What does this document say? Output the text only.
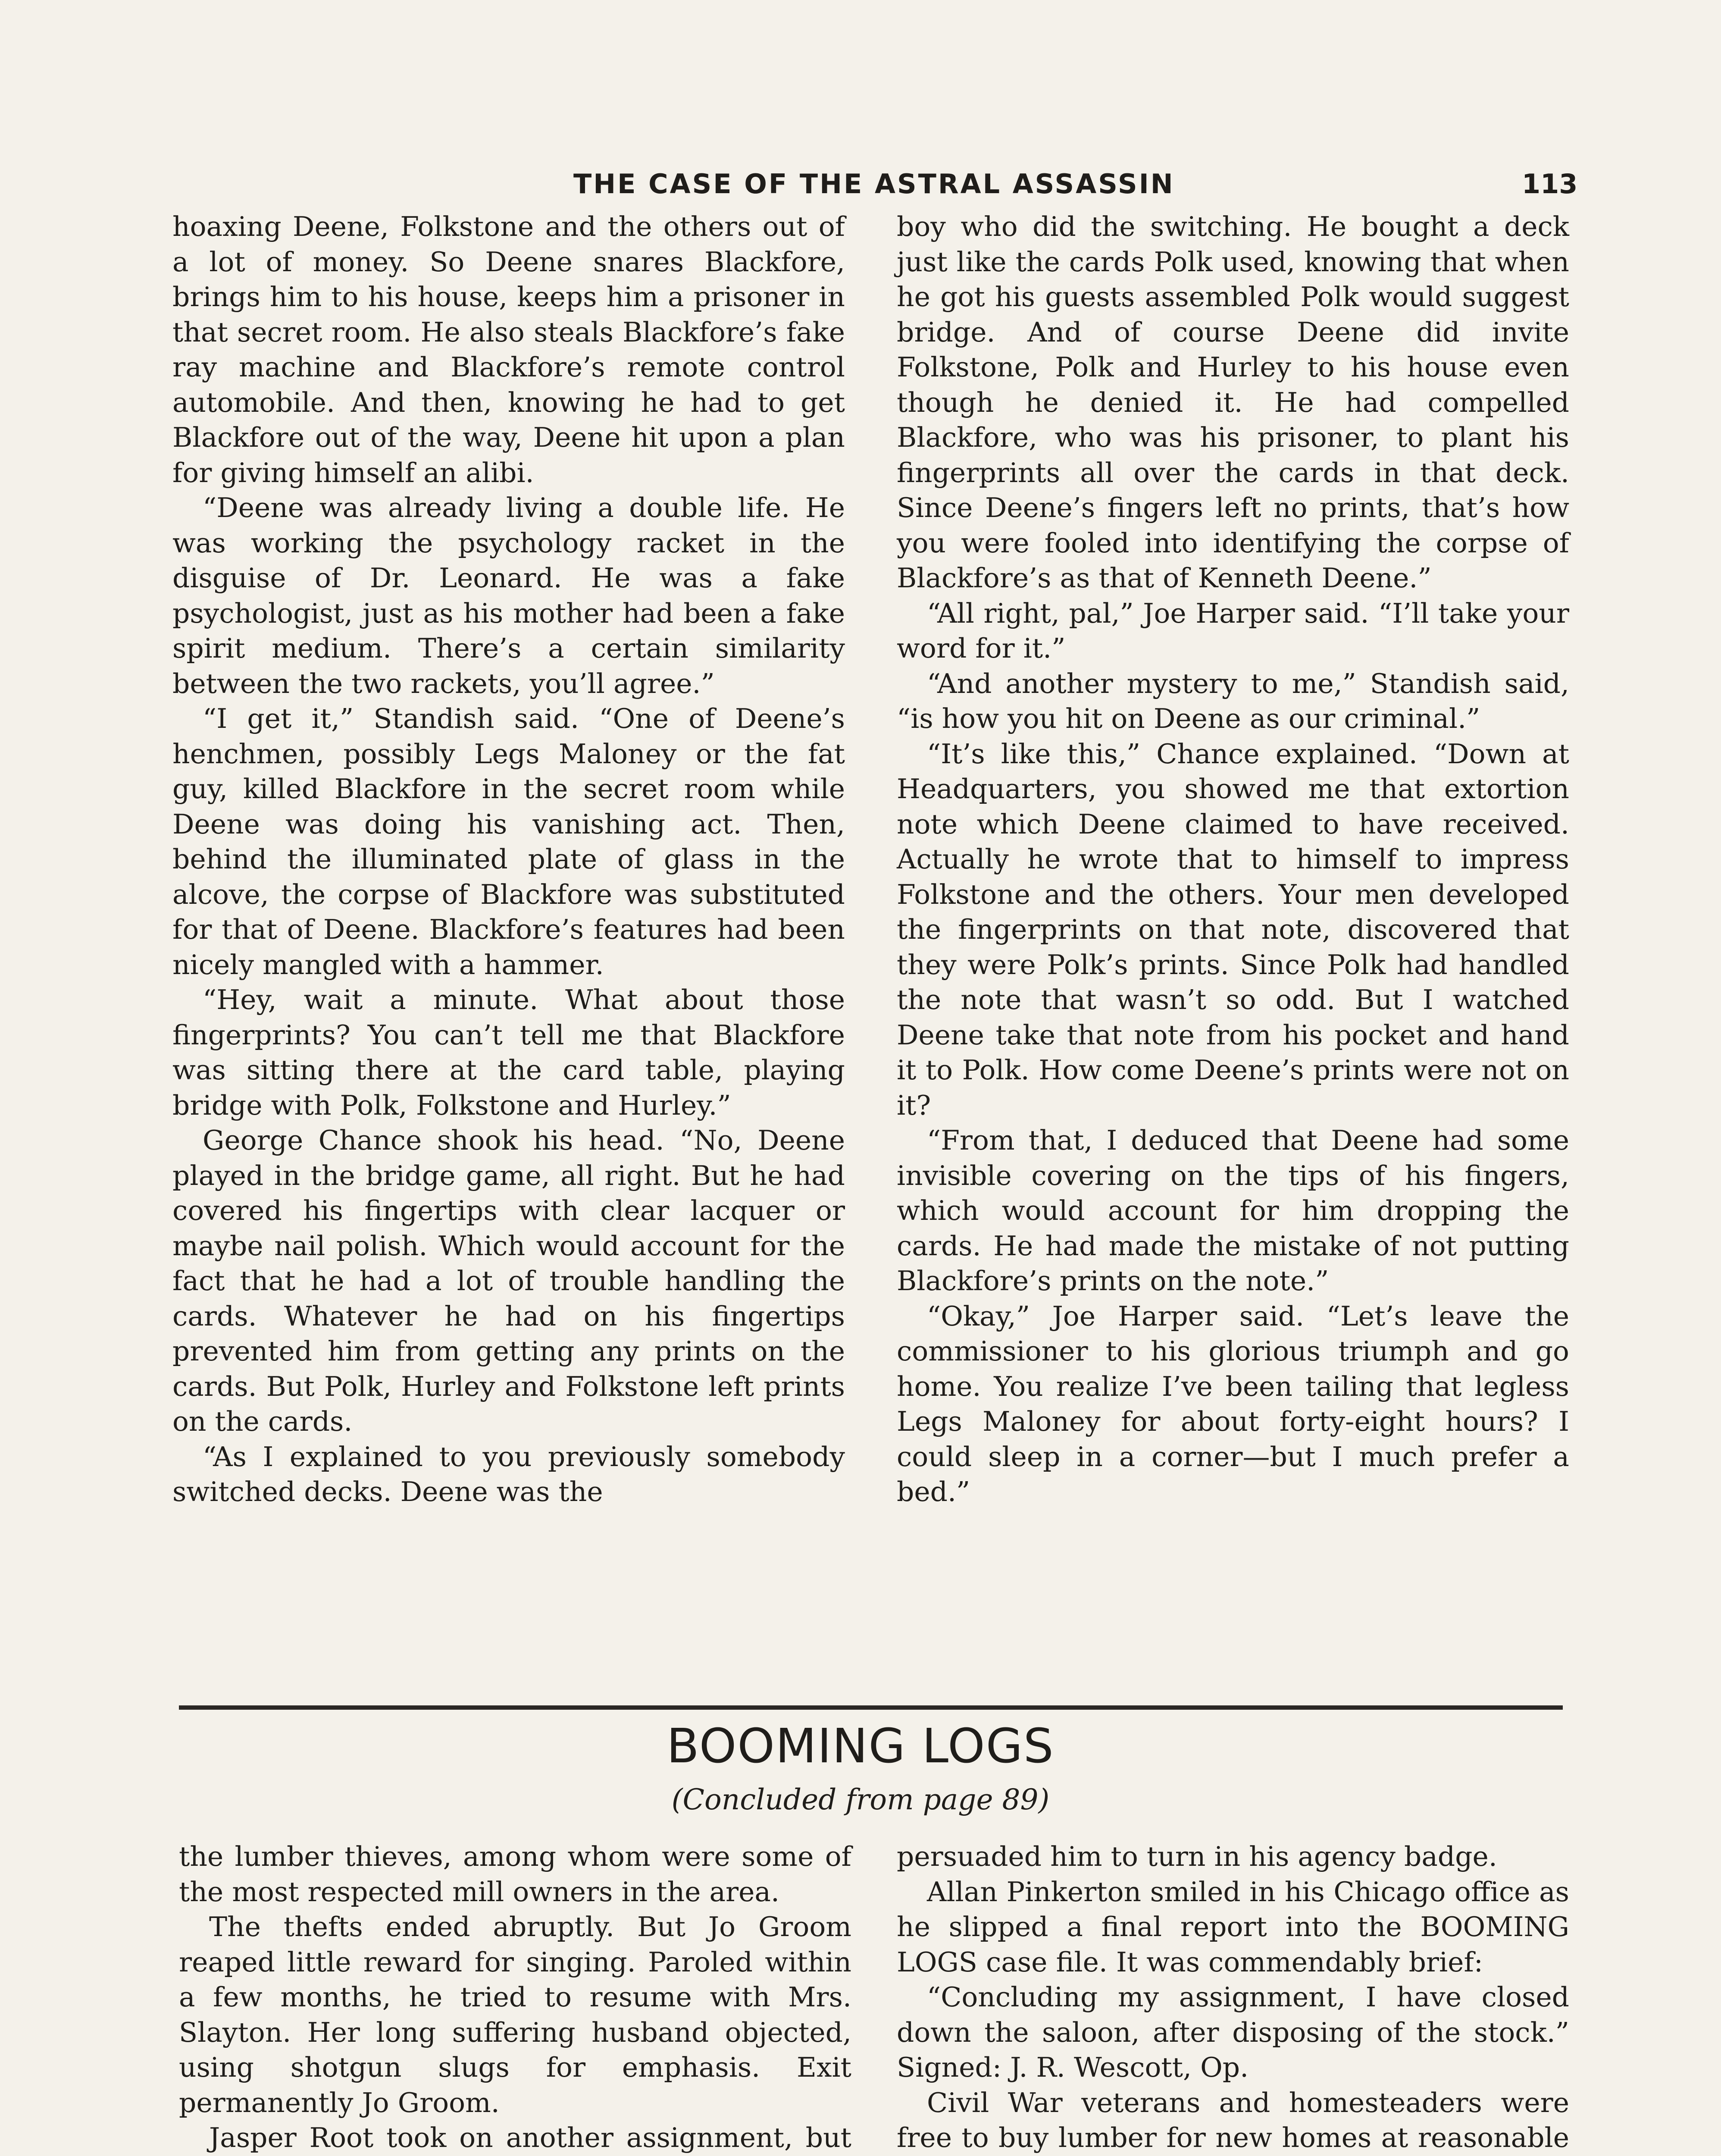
THE CASE OF THE ASTRAL ASSASSIN	113

hoaxing Deene, Folkstone and the others out of a lot of money. So Deene snares Blackfore, brings him to his house, keeps him a prisoner in that secret room. He also steals Blackfore’s fake ray machine and Blackfore’s remote control automobile. And then, knowing he had to get Blackfore out of the way, Deene hit upon a plan for giving himself an alibi.

“Deene was already living a double life. He was working the psychology racket in the disguise of Dr. Leonard. He was a fake psychologist, just as his mother had been a fake spirit medium. There’s a certain similarity between the two rackets, you’ll agree.”

“I get it,” Standish said. “One of Deene’s henchmen, possibly Legs Maloney or the fat guy, killed Blackfore in the secret room while Deene was doing his vanishing act. Then, behind the illuminated plate of glass in the alcove, the corpse of Blackfore was substituted for that of Deene. Blackfore’s features had been nicely mangled with a hammer.

“Hey, wait a minute. What about those fingerprints? You can’t tell me that Blackfore was sitting there at the card table, playing bridge with Polk, Folkstone and Hurley.”

George Chance shook his head. “No, Deene played in the bridge game, all right. But he had covered his fingertips with clear lacquer or maybe nail polish. Which would account for the fact that he had a lot of trouble handling the cards. Whatever he had on his fingertips prevented him from getting any prints on the cards. But Polk, Hurley and Folkstone left prints on the cards.

“As I explained to you previously somebody switched decks. Deene was the

boy who did the switching. He bought a deck just like the cards Polk used, knowing that when he got his guests assembled Polk would suggest bridge. And of course Deene did invite Folkstone, Polk and Hurley to his house even though he denied it. He had compelled Blackfore, who was his prisoner, to plant his fingerprints all over the cards in that deck. Since Deene’s fingers left no prints, that’s how you were fooled into identifying the corpse of Blackfore’s as that of Kenneth Deene.”

“All right, pal,” Joe Harper said. “I’ll take your word for it.”

“And another mystery to me,” Standish said, “is how you hit on Deene as our criminal.”

“It’s like this,” Chance explained. “Down at Headquarters, you showed me that extortion note which Deene claimed to have received. Actually he wrote that to himself to impress Folkstone and the others. Your men developed the fingerprints on that note, discovered that they were Polk’s prints. Since Polk had handled the note that wasn’t so odd. But I watched Deene take that note from his pocket and hand it to Polk. How come Deene’s prints were not on it?

“From that, I deduced that Deene had some invisible covering on the tips of his fingers, which would account for him dropping the cards. He had made the mistake of not putting Blackfore’s prints on the note.”

“Okay,” Joe Harper said. “Let’s leave the commissioner to his glorious triumph and go home. You realize I’ve been tailing that legless Legs Maloney for about forty-eight hours? I could sleep in a corner—but I much prefer a bed.”

BOOMING LOGS
(Concluded from page 89)

the lumber thieves, among whom were some of the most respected mill owners in the area.

The thefts ended abruptly. But Jo Groom reaped little reward for singing. Paroled within a few months, he tried to resume with Mrs. Slayton. Her long suffering husband objected, using shotgun slugs for emphasis. Exit permanently Jo Groom.

Jasper Root took on another assignment, but

persuaded him to turn in his agency badge.

Allan Pinkerton smiled in his Chicago office as he slipped a final report into the BOOMING LOGS case file. It was commendably brief:

“Concluding my assignment, I have closed down the saloon, after disposing of the stock.” Signed: J. R. Wescott, Op.

Civil War veterans and homesteaders were free to buy lumber for new homes at reasonable
